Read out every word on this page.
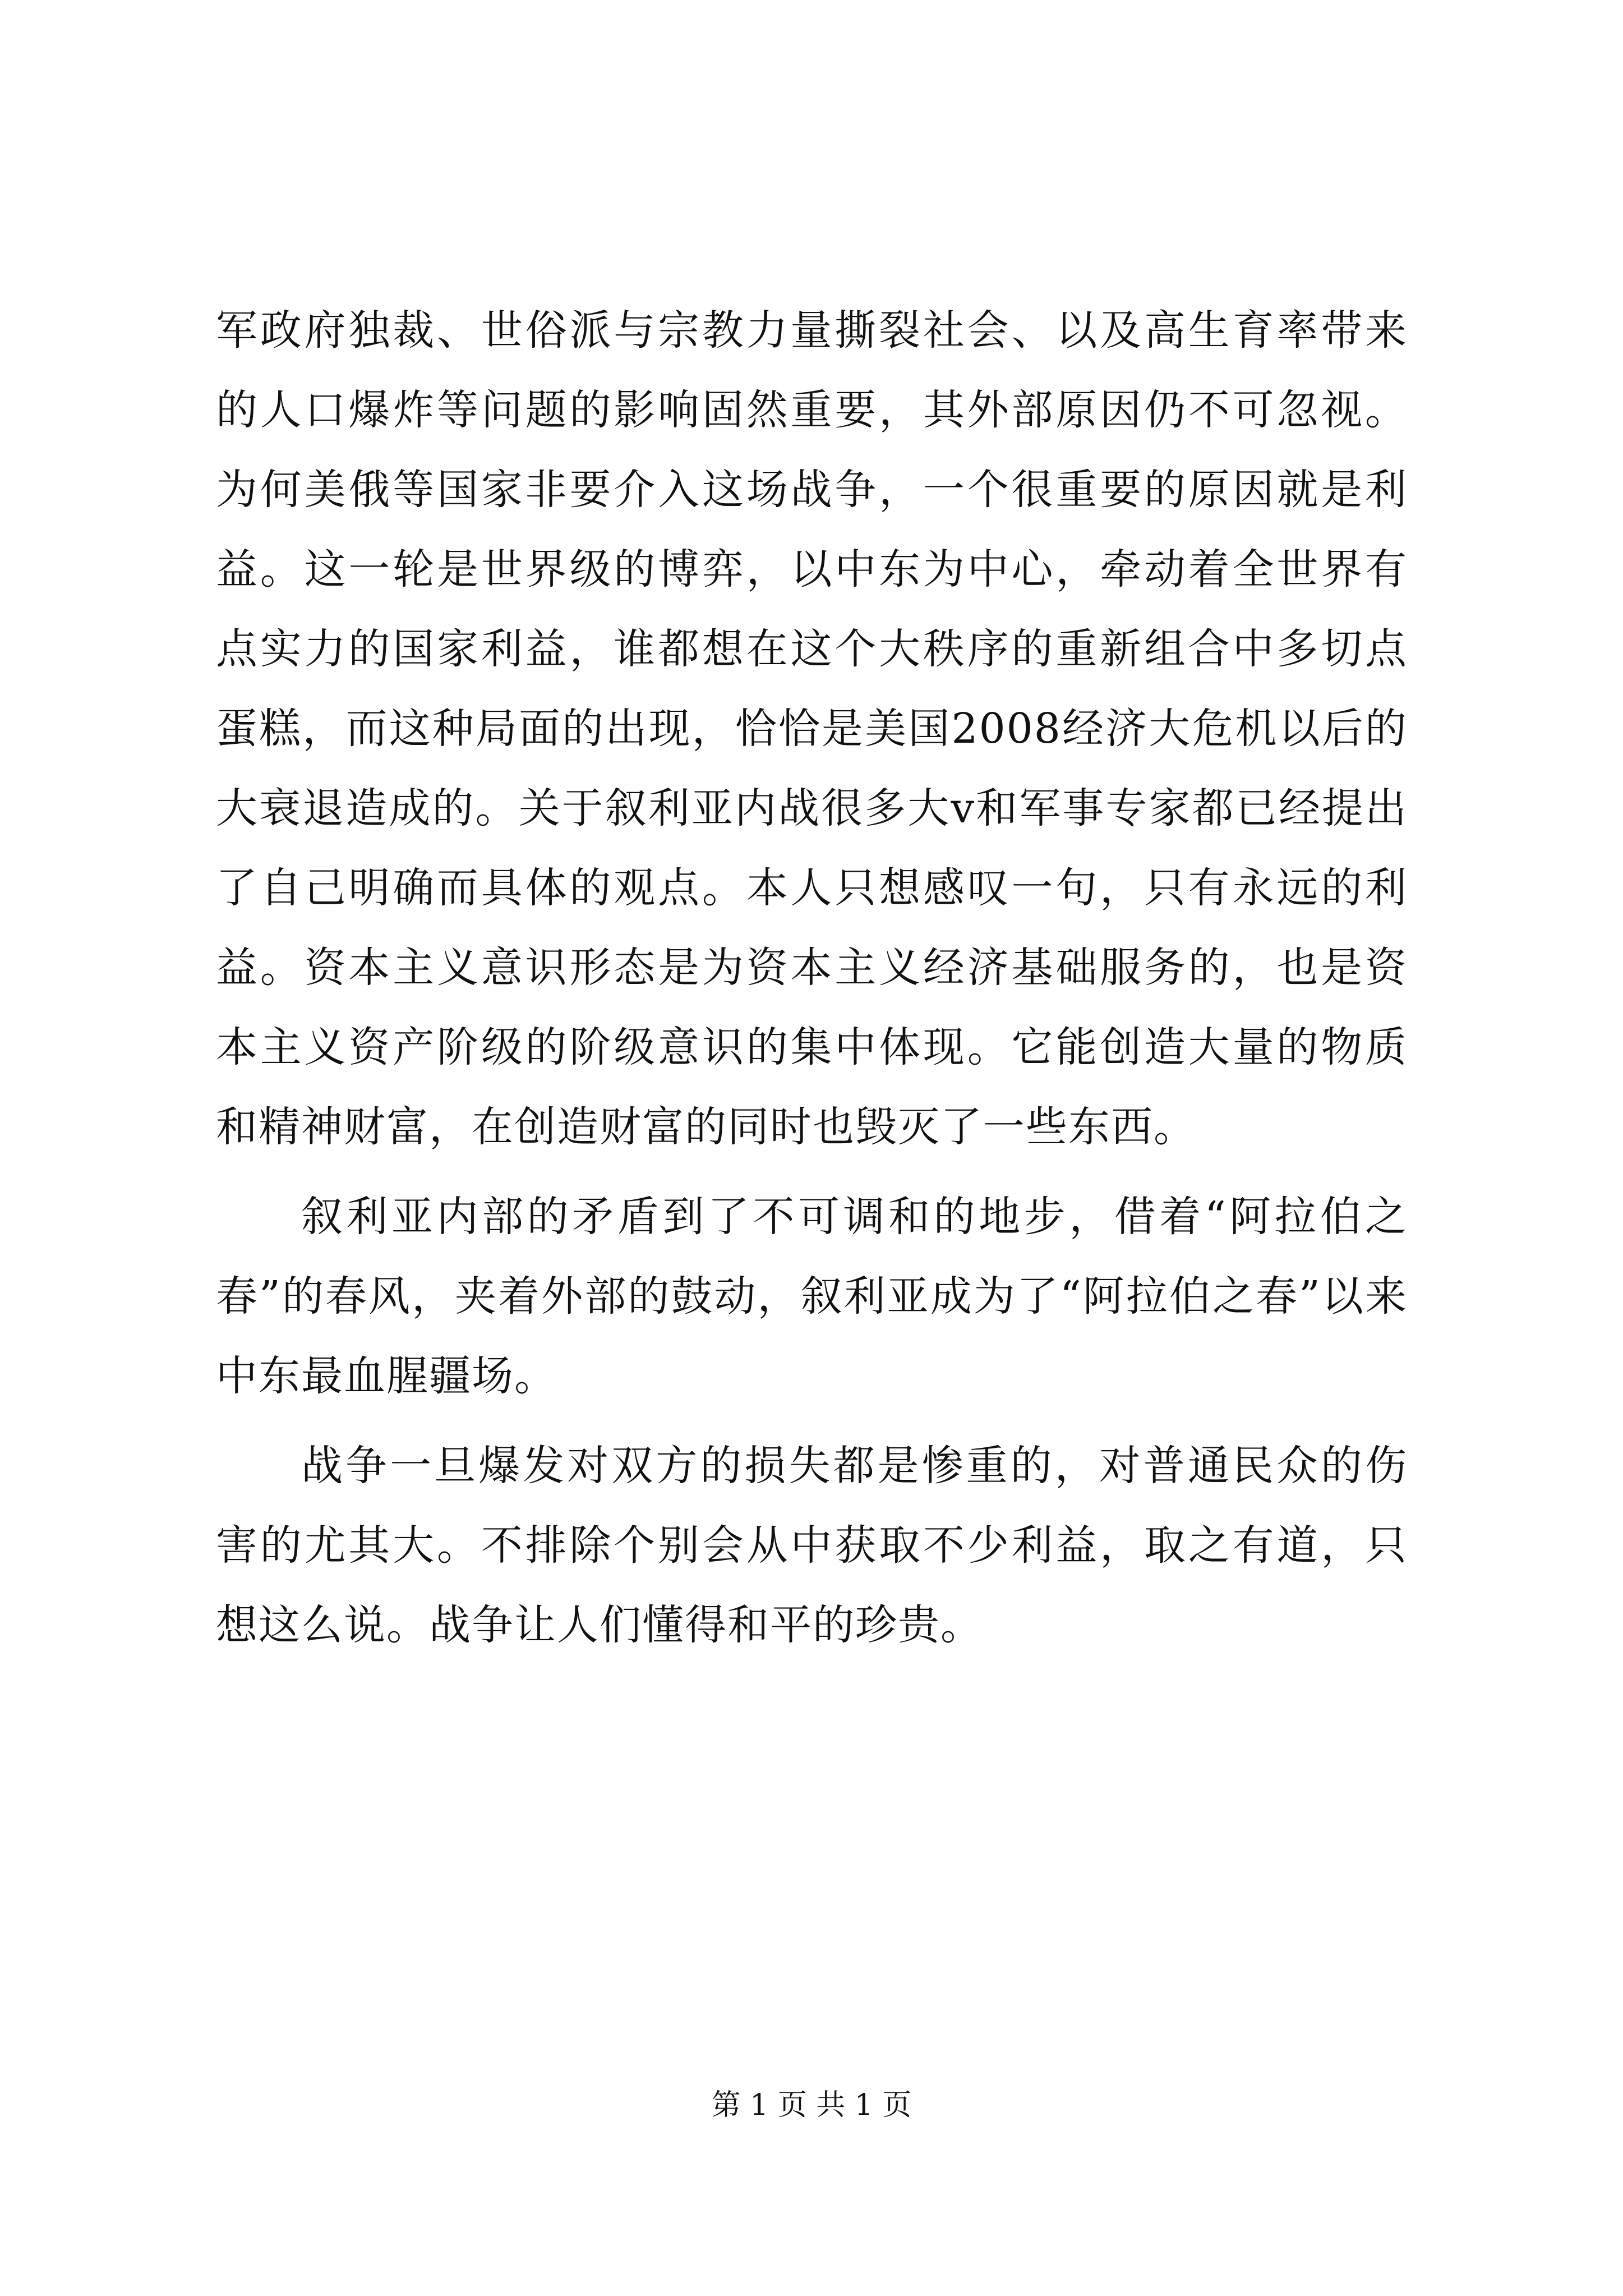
军政府独裁、世俗派与宗教力量撕裂社会、以及高生育率带来的人口爆炸等问题的影响固然重要，其外部原因仍不可忽视。为何美俄等国家非要介入这场战争，一个很重要的原因就是利益。这一轮是世界级的博弈，以中东为中心，牵动着全世界有点实力的国家利益，谁都想在这个大秩序的重新组合中多切点蛋糕，而这种局面的出现，恰恰是美国2008经济大危机以后的大衰退造成的。关于叙利亚内战很多大v和军事专家都已经提出了自己明确而具体的观点。本人只想感叹一句，只有永远的利益。资本主义意识形态是为资本主义经济基础服务的，也是资本主义资产阶级的阶级意识的集中体现。它能创造大量的物质和精神财富，在创造财富的同时也毁灭了一些东西。

叙利亚内部的矛盾到了不可调和的地步，借着“阿拉伯之春”的春风，夹着外部的鼓动，叙利亚成为了“阿拉伯之春”以来中东最血腥疆场。

战争一旦爆发对双方的损失都是惨重的，对普通民众的伤害的尤其大。不排除个别会从中获取不少利益，取之有道，只想这么说。战争让人们懂得和平的珍贵。

第 1 页 共 1 页
